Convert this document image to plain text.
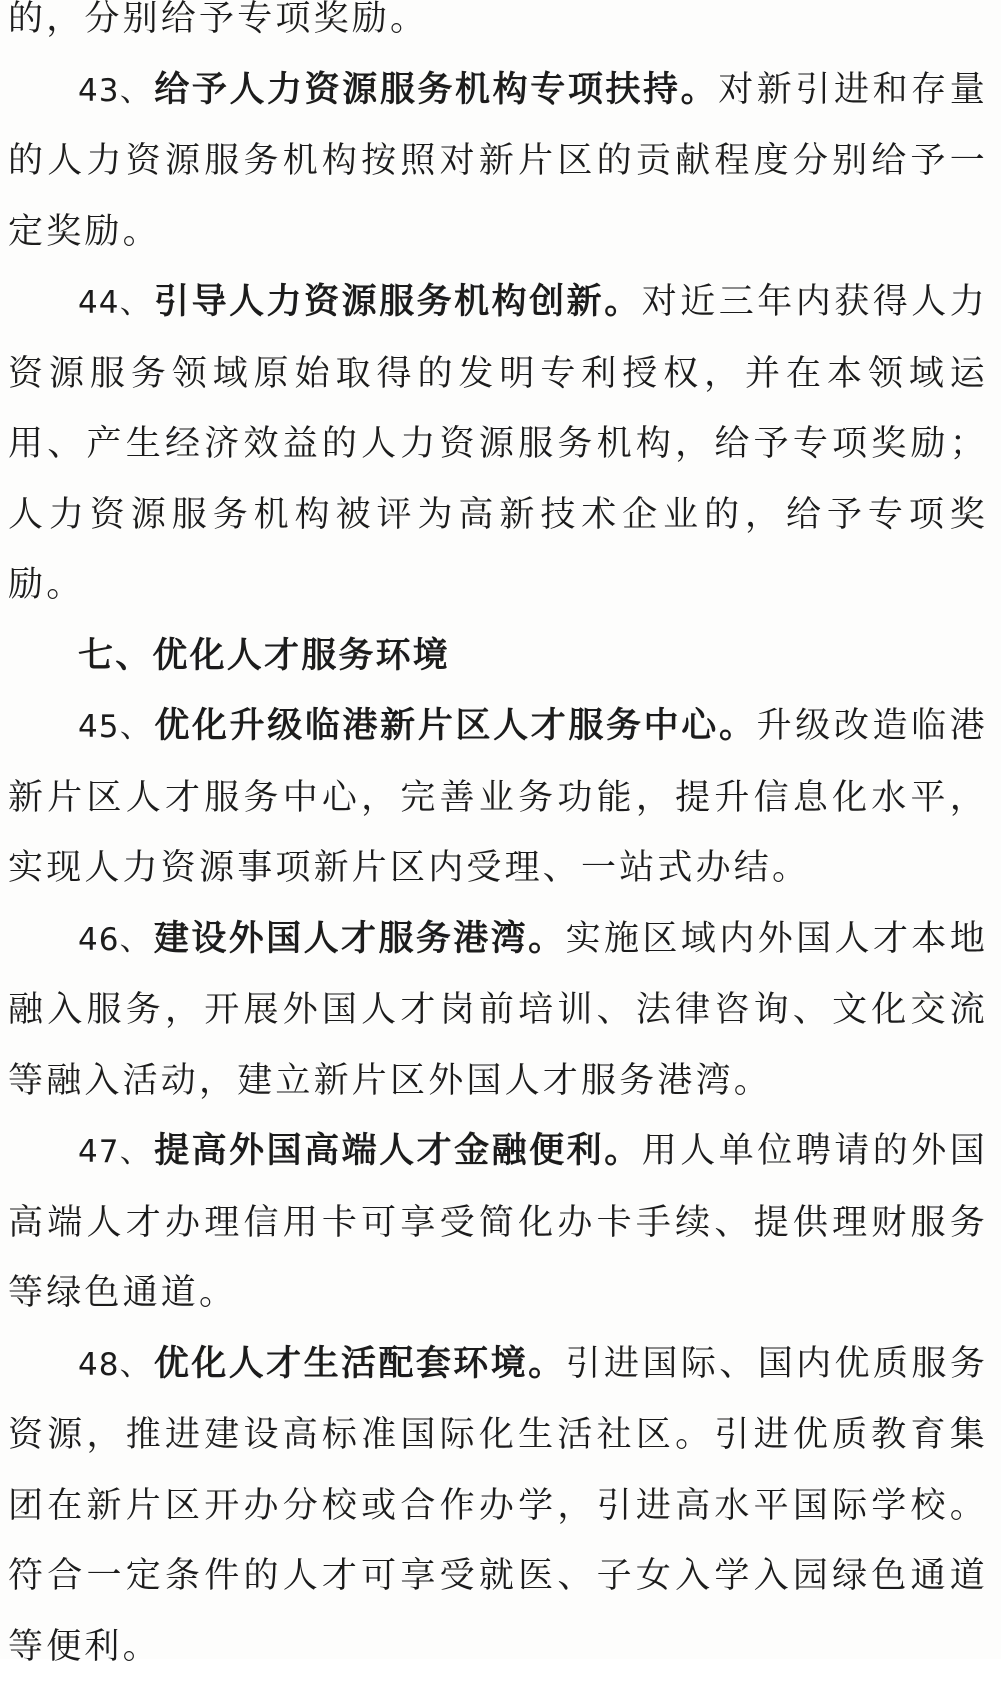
的，分别给予专项奖励。

43、给予人力资源服务机构专项扶持。对新引进和存量的人力资源服务机构按照对新片区的贡献程度分别给予一定奖励。

44、引导人力资源服务机构创新。对近三年内获得人力资源服务领域原始取得的发明专利授权，并在本领域运用、产生经济效益的人力资源服务机构，给予专项奖励；人力资源服务机构被评为高新技术企业的，给予专项奖励。

七、优化人才服务环境

45、优化升级临港新片区人才服务中心。升级改造临港新片区人才服务中心，完善业务功能，提升信息化水平，实现人力资源事项新片区内受理、一站式办结。

46、建设外国人才服务港湾。实施区域内外国人才本地融入服务，开展外国人才岗前培训、法律咨询、文化交流等融入活动，建立新片区外国人才服务港湾。

47、提高外国高端人才金融便利。用人单位聘请的外国高端人才办理信用卡可享受简化办卡手续、提供理财服务等绿色通道。

48、优化人才生活配套环境。引进国际、国内优质服务资源，推进建设高标准国际化生活社区。引进优质教育集团在新片区开办分校或合作办学，引进高水平国际学校。符合一定条件的人才可享受就医、子女入学入园绿色通道等便利。
